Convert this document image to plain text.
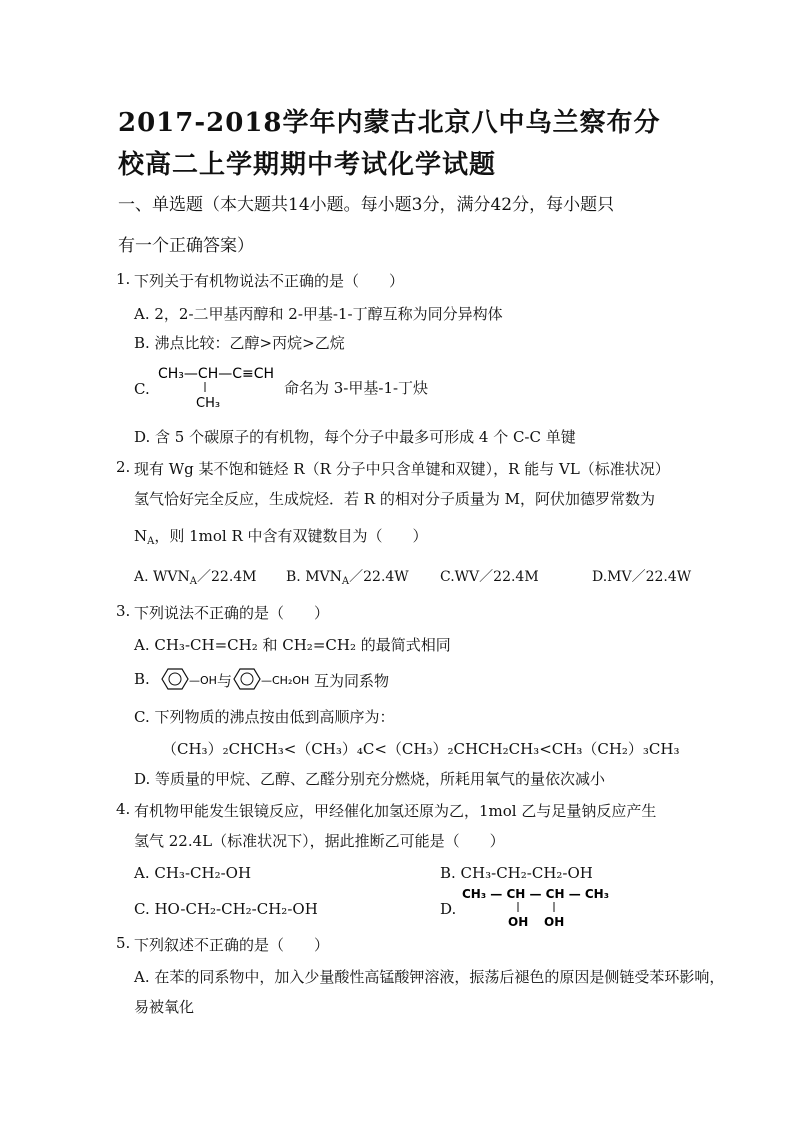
2017-2018学年内蒙古北京八中乌兰察布分
校高二上学期期中考试化学试题
一、单选题（本大题共14小题。每小题3分，满分42分，每小题只
有一个正确答案）
1. 下列关于有机物说法不正确的是（　　）
A. 2，2-二甲基丙醇和 2-甲基-1-丁醇互称为同分异构体
B. 沸点比较：乙醇>丙烷>乙烷
C.
CH₃—CH—C≡CH
CH₃
命名为 3-甲基-1-丁炔
D. 含 5 个碳原子的有机物，每个分子中最多可形成 4 个 C-C 单键
2. 现有 Wg 某不饱和链烃 R（R 分子中只含单键和双键），R 能与 VL（标准状况）
氢气恰好完全反应，生成烷烃．若 R 的相对分子质量为 M，阿伏加德罗常数为
$N_A$，则 1mol R 中含有双键数目为（　　）
A. $WVN_A/22.4M$ B. $MVN_A/22.4W$ C.WV／22.4M	D.MV／22.4W
3. 下列说法不正确的是（　　）
A. CH₃-CH=CH₂ 和 CH₂=CH₂ 的最简式相同
B.	—OH 与	—CH₂OH 互为同系物
C. 下列物质的沸点按由低到高顺序为：
（CH₃）₂CHCH₃<（CH₃）₄C<（CH₃）₂CHCH₂CH₃<CH₃（CH₂）₃CH₃
D. 等质量的甲烷、乙醇、乙醛分别充分燃烧，所耗用氧气的量依次减小
4. 有机物甲能发生银镜反应，甲经催化加氢还原为乙，1mol 乙与足量钠反应产生
氢气 22.4L（标准状况下），据此推断乙可能是（　　）
A. CH₃-CH₂-OH	B. CH₃-CH₂-CH₂-OH
C. HO-CH₂-CH₂-CH₂-OH	D.
CH₃ — CH — CH — CH₃
OH OH
5. 下列叙述不正确的是（　　）
A. 在苯的同系物中，加入少量酸性高锰酸钾溶液，振荡后褪色的原因是侧链受苯环影响，
易被氧化
